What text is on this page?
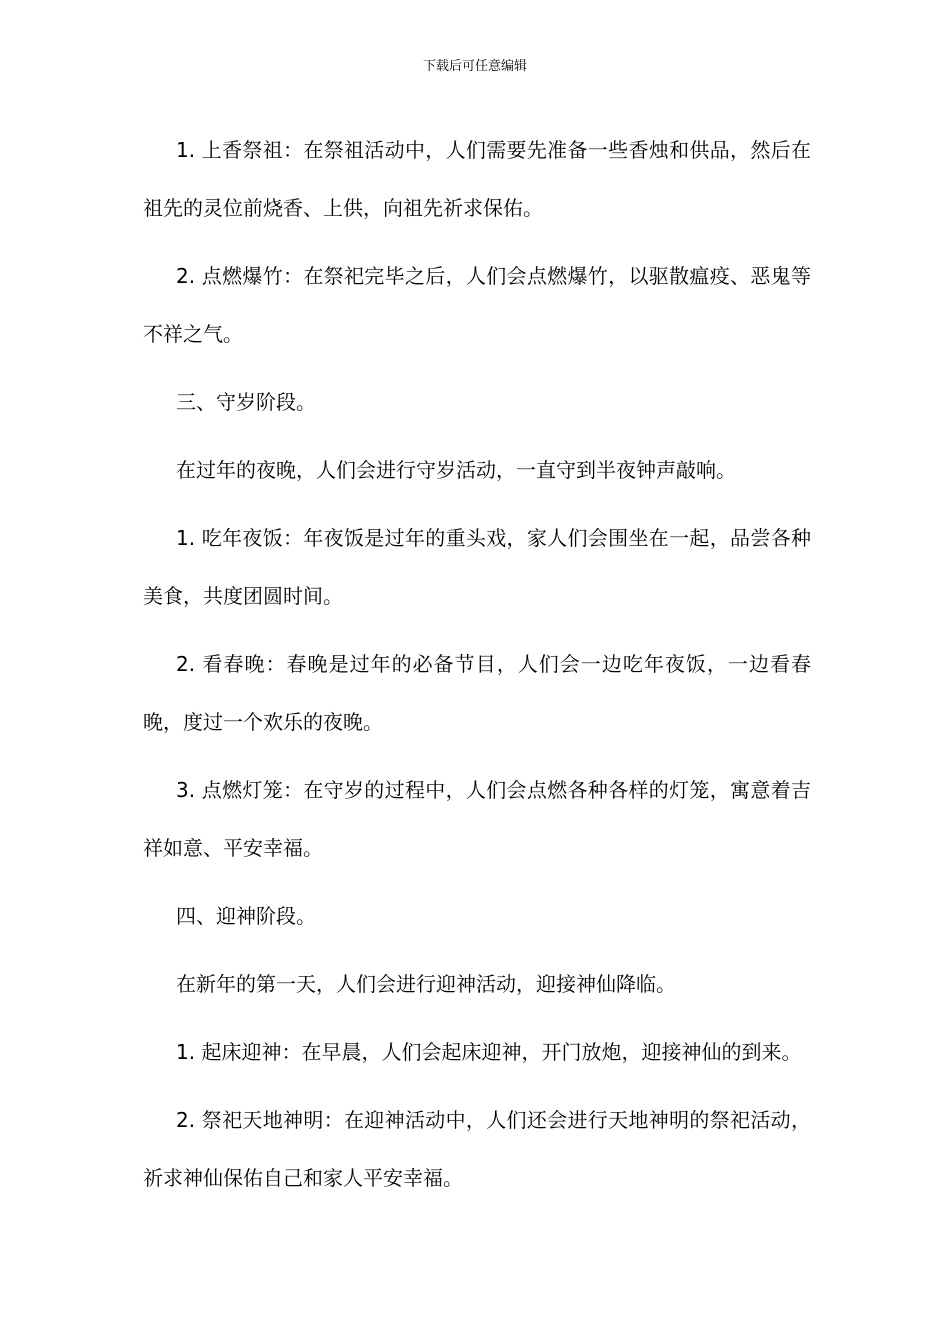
下载后可任意编辑

1. 上香祭祖：在祭祖活动中，人们需要先准备一些香烛和供品，然后在祖先的灵位前烧香、上供，向祖先祈求保佑。

2. 点燃爆竹：在祭祀完毕之后，人们会点燃爆竹，以驱散瘟疫、恶鬼等不祥之气。

三、守岁阶段。

在过年的夜晚，人们会进行守岁活动，一直守到半夜钟声敲响。

1. 吃年夜饭：年夜饭是过年的重头戏，家人们会围坐在一起，品尝各种美食，共度团圆时间。

2. 看春晚：春晚是过年的必备节目，人们会一边吃年夜饭，一边看春晚，度过一个欢乐的夜晚。

3. 点燃灯笼：在守岁的过程中，人们会点燃各种各样的灯笼，寓意着吉祥如意、平安幸福。

四、迎神阶段。

在新年的第一天，人们会进行迎神活动，迎接神仙降临。

1. 起床迎神：在早晨，人们会起床迎神，开门放炮，迎接神仙的到来。

2. 祭祀天地神明：在迎神活动中，人们还会进行天地神明的祭祀活动，祈求神仙保佑自己和家人平安幸福。
